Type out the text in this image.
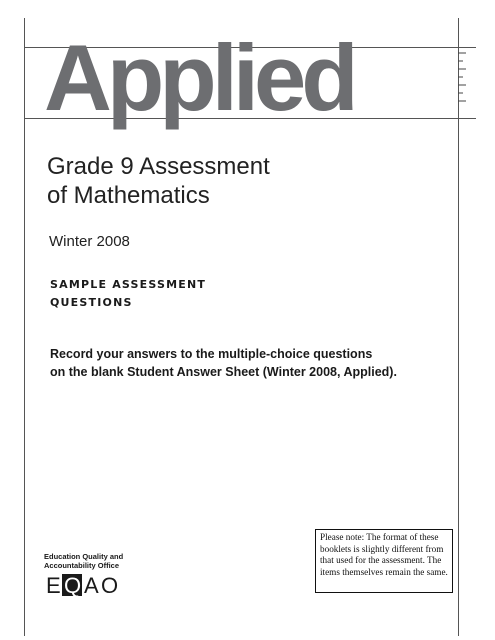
Applied
Grade 9 Assessment
of Mathematics
Winter 2008
SAMPLE ASSESSMENT
QUESTIONS

Record your answers to the multiple-choice questions
on the blank Student Answer Sheet (Winter 2008, Applied).

Education Quality and
Accountability Office

E Q A O

Please note: The format of these booklets is slightly different from that used for the assessment. The items themselves remain the same.
